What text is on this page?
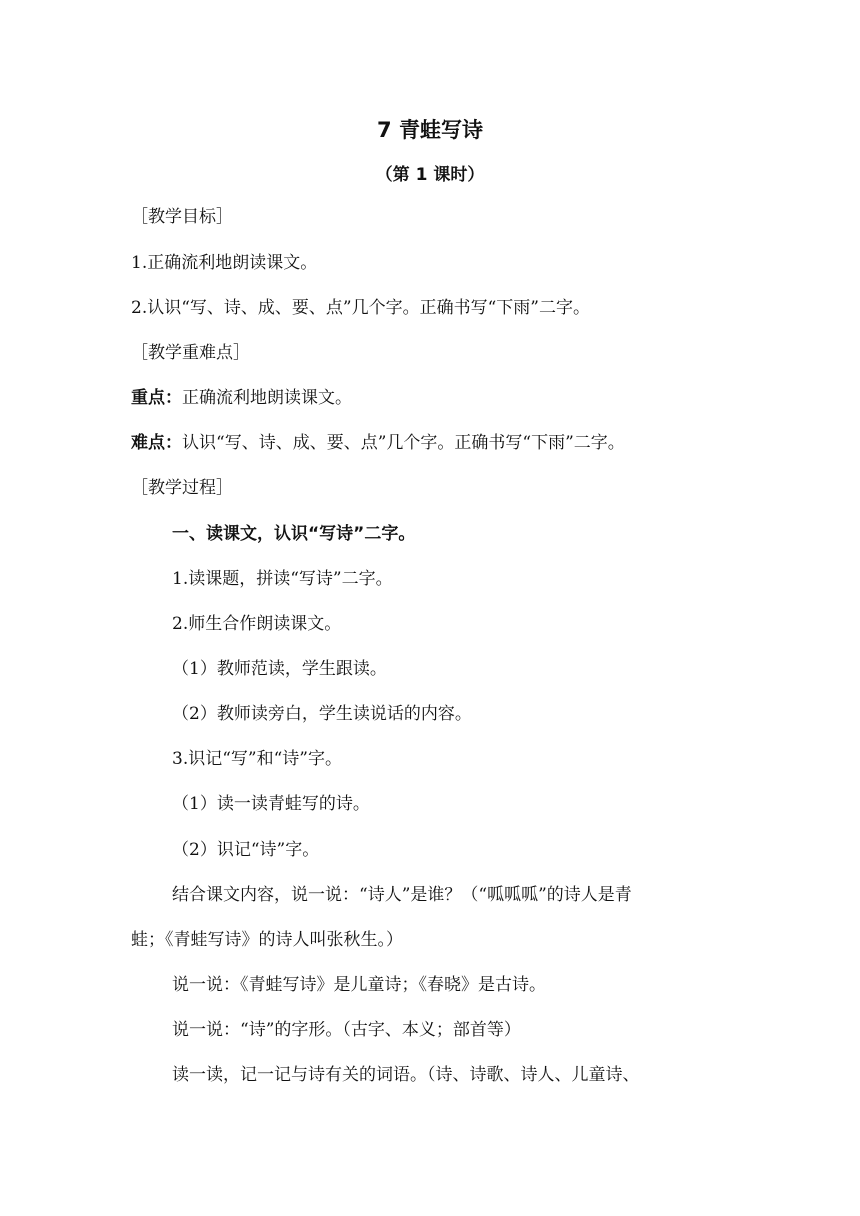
7 青蛙写诗
（第 1 课时）
［教学目标］
1.正确流利地朗读课文。
2.认识“写、诗、成、要、点”几个字。正确书写“下雨”二字。
［教学重难点］
重点：正确流利地朗读课文。
难点：认识“写、诗、成、要、点”几个字。正确书写“下雨”二字。
［教学过程］
一、读课文，认识“写诗”二字。
1.读课题，拼读“写诗”二字。
2.师生合作朗读课文。
（1）教师范读，学生跟读。
（2）教师读旁白，学生读说话的内容。
3.识记“写”和“诗”字。
（1）读一读青蛙写的诗。
（2）识记“诗”字。
结合课文内容，说一说：“诗人”是谁？（“呱呱呱”的诗人是青
蛙；《青蛙写诗》的诗人叫张秋生。）
说一说：《青蛙写诗》是儿童诗；《春晓》是古诗。
说一说：“诗”的字形。（古字、本义；部首等）
读一读，记一记与诗有关的词语。（诗、诗歌、诗人、儿童诗、
